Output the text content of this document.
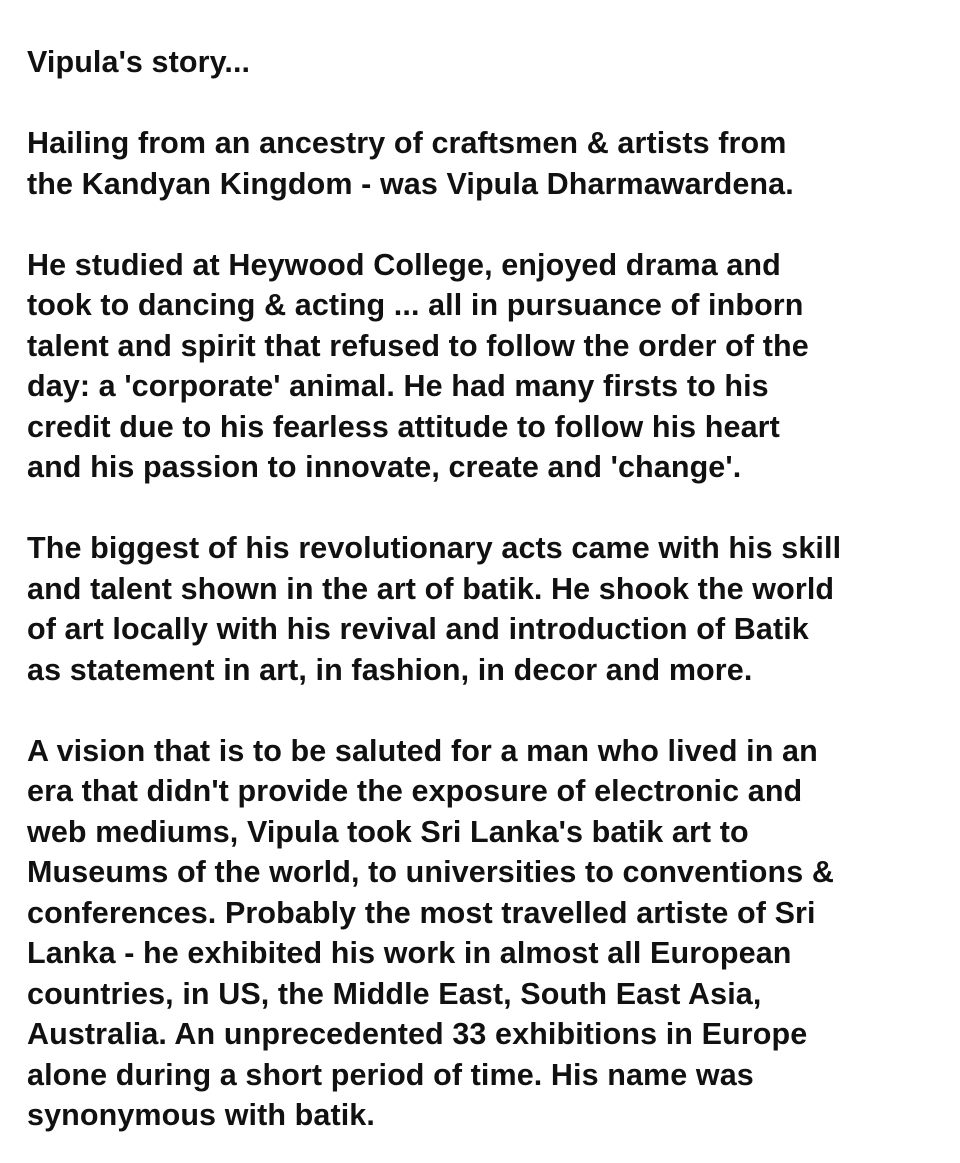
Vipula's story...
Hailing from an ancestry of craftsmen & artists from
the Kandyan Kingdom - was Vipula Dharmawardena.
He studied at Heywood College, enjoyed drama and
took to dancing & acting ... all in pursuance of inborn
talent and spirit that refused to follow the order of the
day: a 'corporate' animal. He had many firsts to his
credit due to his fearless attitude to follow his heart
and his passion to innovate, create and 'change'.
The biggest of his revolutionary acts came with his skill
and talent shown in the art of batik. He shook the world
of art locally with his revival and introduction of Batik
as statement in art, in fashion, in decor and more.
A vision that is to be saluted for a man who lived in an
era that didn't provide the exposure of electronic and
web mediums, Vipula took Sri Lanka's batik art to
Museums of the world, to universities to conventions &
conferences. Probably the most travelled artiste of Sri
Lanka - he exhibited his work in almost all European
countries, in US, the Middle East, South East Asia,
Australia. An unprecedented 33 exhibitions in Europe
alone during a short period of time. His name was
synonymous with batik.
